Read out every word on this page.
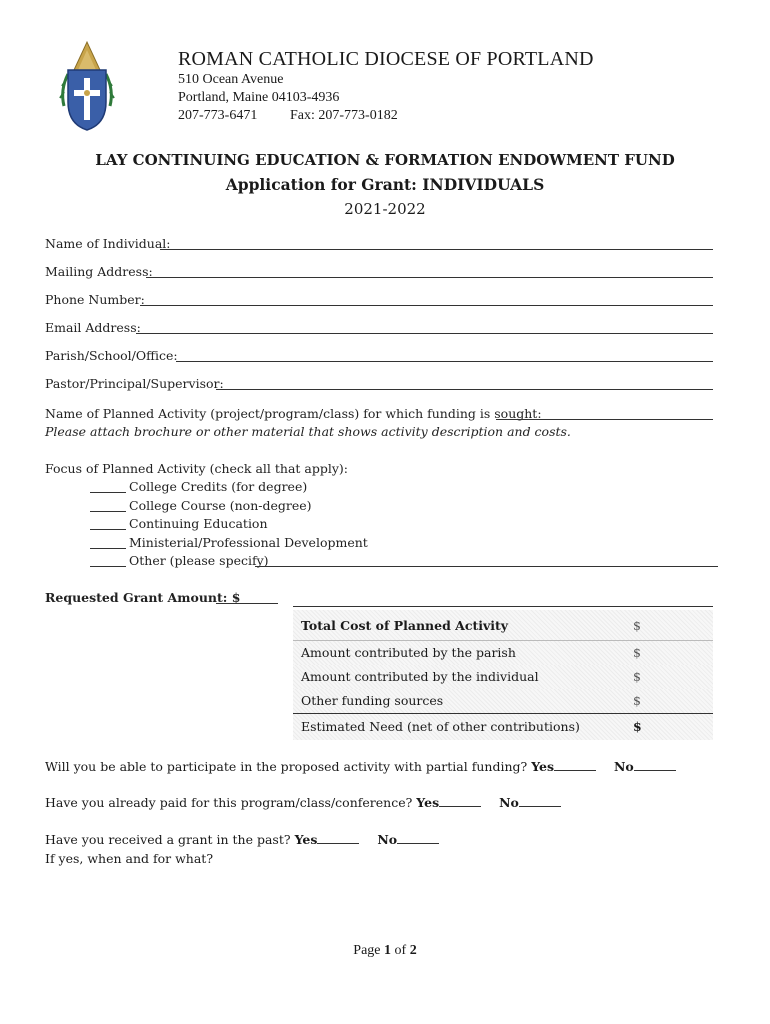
ROMAN CATHOLIC DIOCESE OF PORTLAND
510 Ocean Avenue
Portland, Maine 04103-4936
207-773-6471 Fax: 207-773-0182
LAY CONTINUING EDUCATION & FORMATION ENDOWMENT FUND
Application for Grant: INDIVIDUALS
2021-2022
Name of Individual:
Mailing Address:
Phone Number:
Email Address:
Parish/School/Office:
Pastor/Principal/Supervisor:
Name of Planned Activity (project/program/class) for which funding is sought:
Please attach brochure or other material that shows activity description and costs.
Focus of Planned Activity (check all that apply):
College Credits (for degree)
College Course (non-degree)
Continuing Education
Ministerial/Professional Development
Other (please specify)
Requested Grant Amount: $
Total Cost of Planned Activity	$
Amount contributed by the parish	$
Amount contributed by the individual	$
Other funding sources	$
Estimated Need (net of other contributions)	$
Will you be able to participate in the proposed activity with partial funding? Yes	No
Have you already paid for this program/class/conference? Yes	No
Have you received a grant in the past? Yes	No
If yes, when and for what?
Page 1 of 2
